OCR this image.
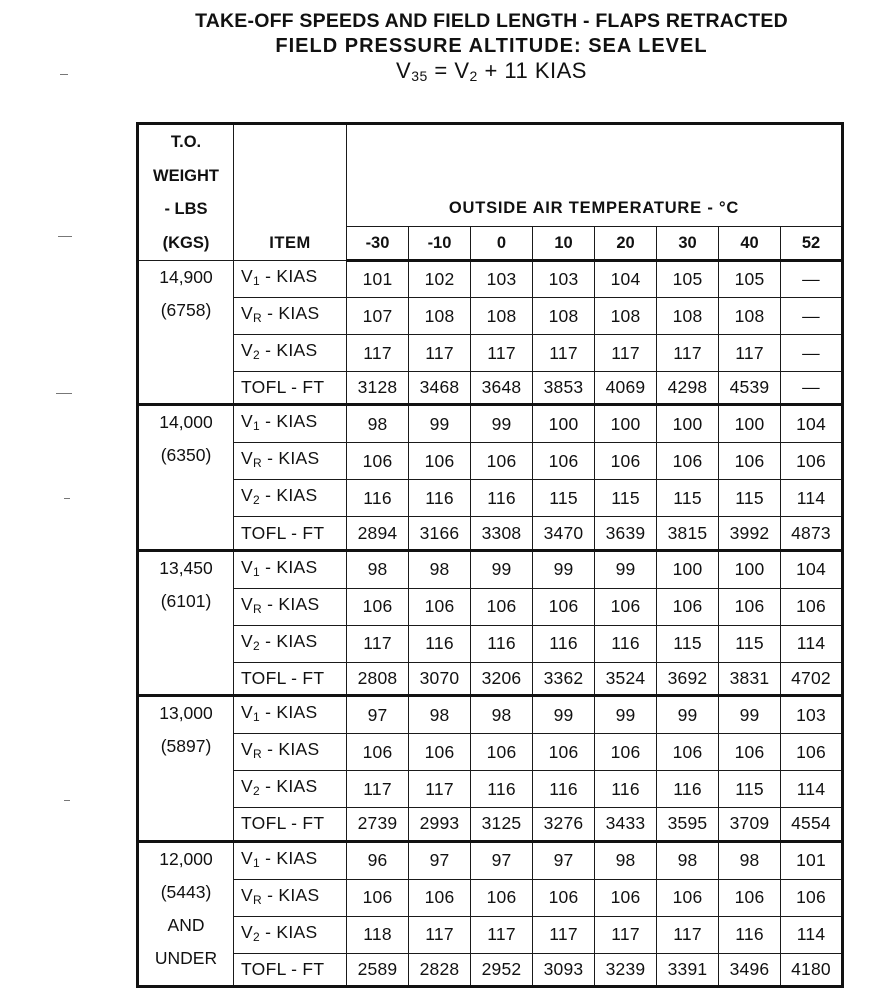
TAKE-OFF SPEEDS AND FIELD LENGTH - FLAPS RETRACTED

FIELD PRESSURE ALTITUDE: SEA LEVEL

$V_{35} = V_2 + 11$ KIAS

T.O.
WEIGHT
- LBS
(KGS)	ITEM	OUTSIDE AIR TEMPERATURE - °C							
		-30	-10	0	10	20	30	40	52

14,900
(6758)	$V_1$ - KIAS	101	102	103	103	104	105	105	—
	$V_R$ - KIAS	107	108	108	108	108	108	108	—
	$V_2$ - KIAS	117	117	117	117	117	117	117	—
	TOFL - FT	3128	3468	3648	3853	4069	4298	4539	—

14,000
(6350)	$V_1$ - KIAS	98	99	99	100	100	100	100	104
	$V_R$ - KIAS	106	106	106	106	106	106	106	106
	$V_2$ - KIAS	116	116	116	115	115	115	115	114
	TOFL - FT	2894	3166	3308	3470	3639	3815	3992	4873

13,450
(6101)	$V_1$ - KIAS	98	98	99	99	99	100	100	104
	$V_R$ - KIAS	106	106	106	106	106	106	106	106
	$V_2$ - KIAS	117	116	116	116	116	115	115	114
	TOFL - FT	2808	3070	3206	3362	3524	3692	3831	4702

13,000
(5897)	$V_1$ - KIAS	97	98	98	99	99	99	99	103
	$V_R$ - KIAS	106	106	106	106	106	106	106	106
	$V_2$ - KIAS	117	117	116	116	116	116	115	114
	TOFL - FT	2739	2993	3125	3276	3433	3595	3709	4554

12,000
(5443)
AND
UNDER	$V_1$ - KIAS	96	97	97	97	98	98	98	101
	$V_R$ - KIAS	106	106	106	106	106	106	106	106
	$V_2$ - KIAS	118	117	117	117	117	117	116	114
	TOFL - FT	2589	2828	2952	3093	3239	3391	3496	4180
